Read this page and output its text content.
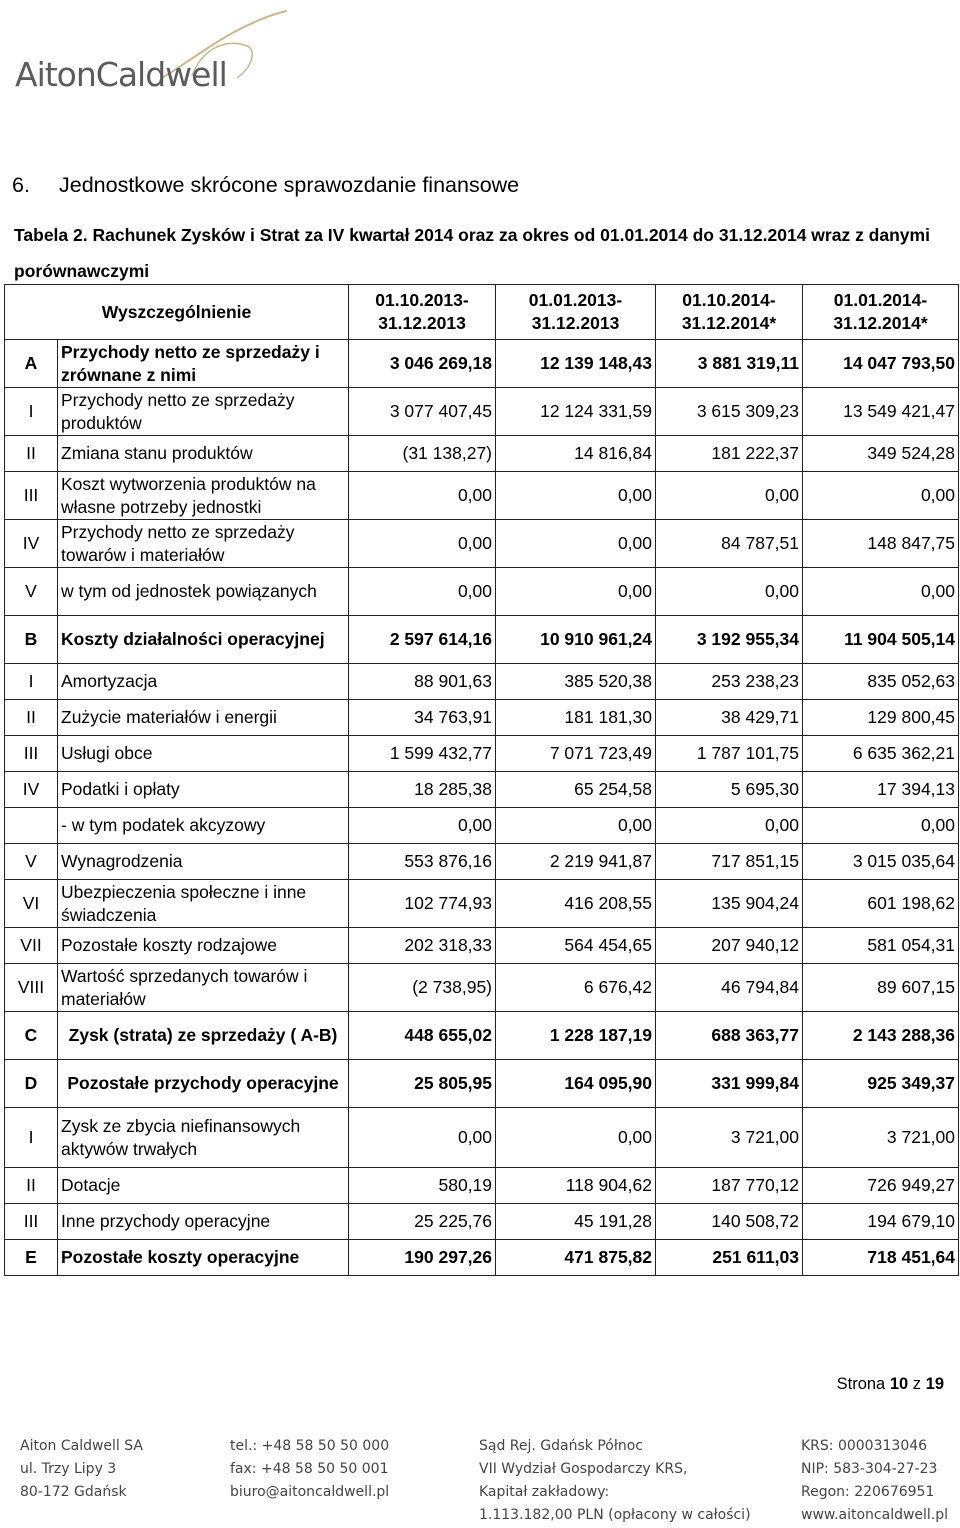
AitonCaldwell
6. Jednostkowe skrócone sprawozdanie finansowe
Tabela 2. Rachunek Zysków i Strat za IV kwartał 2014 oraz za okres od 01.01.2014 do 31.12.2014 wraz z danymi porównawczymi
Wyszczególnienie		01.10.2013-31.12.2013	01.01.2013-31.12.2013	01.10.2014-31.12.2014*	01.01.2014-31.12.2014*
A	Przychody netto ze sprzedaży i zrównane z nimi	3 046 269,18	12 139 148,43	3 881 319,11	14 047 793,50
I	Przychody netto ze sprzedaży produktów	3 077 407,45	12 124 331,59	3 615 309,23	13 549 421,47
II	Zmiana stanu produktów	(31 138,27)	14 816,84	181 222,37	349 524,28
III	Koszt wytworzenia produktów na własne potrzeby jednostki	0,00	0,00	0,00	0,00
IV	Przychody netto ze sprzedaży towarów i materiałów	0,00	0,00	84 787,51	148 847,75
V	w tym od jednostek powiązanych	0,00	0,00	0,00	0,00
B	Koszty działalności operacyjnej	2 597 614,16	10 910 961,24	3 192 955,34	11 904 505,14
I	Amortyzacja	88 901,63	385 520,38	253 238,23	835 052,63
II	Zużycie materiałów i energii	34 763,91	181 181,30	38 429,71	129 800,45
III	Usługi obce	1 599 432,77	7 071 723,49	1 787 101,75	6 635 362,21
IV	Podatki i opłaty	18 285,38	65 254,58	5 695,30	17 394,13
	- w tym podatek akcyzowy	0,00	0,00	0,00	0,00
V	Wynagrodzenia	553 876,16	2 219 941,87	717 851,15	3 015 035,64
VI	Ubezpieczenia społeczne i inne świadczenia	102 774,93	416 208,55	135 904,24	601 198,62
VII	Pozostałe koszty rodzajowe	202 318,33	564 454,65	207 940,12	581 054,31
VIII	Wartość sprzedanych towarów i materiałów	(2 738,95)	6 676,42	46 794,84	89 607,15
C	Zysk (strata) ze sprzedaży ( A-B)	448 655,02	1 228 187,19	688 363,77	2 143 288,36
D	Pozostałe przychody operacyjne	25 805,95	164 095,90	331 999,84	925 349,37
I	Zysk ze zbycia niefinansowych aktywów trwałych	0,00	0,00	3 721,00	3 721,00
II	Dotacje	580,19	118 904,62	187 770,12	726 949,27
III	Inne przychody operacyjne	25 225,76	45 191,28	140 508,72	194 679,10
E	Pozostałe koszty operacyjne	190 297,26	471 875,82	251 611,03	718 451,64
Strona 10 z 19
Aiton Caldwell SA
ul. Trzy Lipy 3
80-172 Gdańsk
tel.: +48 58 50 50 000
fax: +48 58 50 50 001
biuro@aitoncaldwell.pl
Sąd Rej. Gdańsk Północ
VII Wydział Gospodarczy KRS,
Kapitał zakładowy:
1.113.182,00 PLN (opłacony w całości)
KRS: 0000313046
NIP: 583-304-27-23
Regon: 220676951
www.aitoncaldwell.pl
